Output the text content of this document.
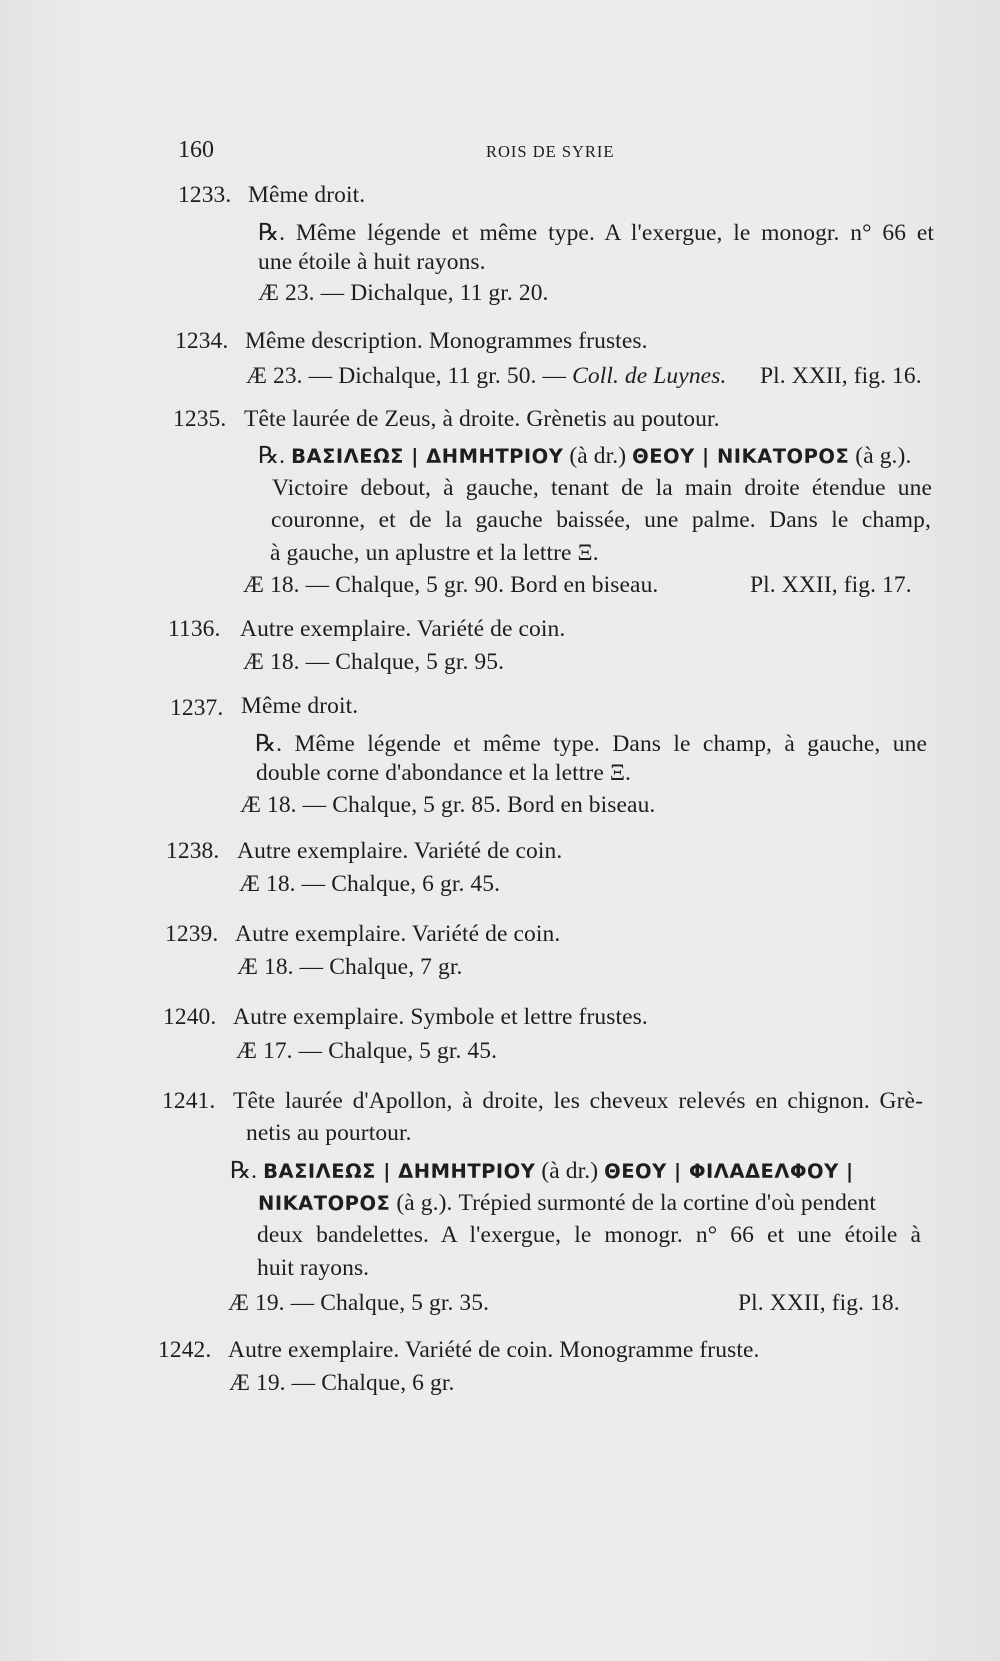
160	ROIS DE SYRIE
1233. Même droit.
℞. Même légende et même type. A l'exergue, le monogr. n° 66 et
une étoile à huit rayons.
Æ 23. — Dichalque, 11 gr. 20.
1234. Même description. Monogrammes frustes.
Æ 23. — Dichalque, 11 gr. 50. — Coll. de Luynes. Pl. XXII, fig. 16.
1235. Tête laurée de Zeus, à droite. Grènetis au poutour.
℞. ΒΑΣΙΛΕΩΣ | ΔΗΜΗΤΡΙΟΥ (à dr.) ΘΕΟΥ | ΝΙΚΑΤΟΡΟΣ (à g.).
Victoire debout, à gauche, tenant de la main droite étendue une
couronne, et de la gauche baissée, une palme. Dans le champ,
à gauche, un aplustre et la lettre Ξ.
Æ 18. — Chalque, 5 gr. 90. Bord en biseau.	Pl. XXII, fig. 17.
1136. Autre exemplaire. Variété de coin.
Æ 18. — Chalque, 5 gr. 95.
1237. Même droit.
℞. Même légende et même type. Dans le champ, à gauche, une
double corne d'abondance et la lettre Ξ.
Æ 18. — Chalque, 5 gr. 85. Bord en biseau.
1238. Autre exemplaire. Variété de coin.
Æ 18. — Chalque, 6 gr. 45.
1239. Autre exemplaire. Variété de coin.
Æ 18. — Chalque, 7 gr.
1240. Autre exemplaire. Symbole et lettre frustes.
Æ 17. — Chalque, 5 gr. 45.
1241. Tête laurée d'Apollon, à droite, les cheveux relevés en chignon. Grè-
netis au pourtour.
℞. ΒΑΣΙΛΕΩΣ | ΔΗΜΗΤΡΙΟΥ (à dr.) ΘΕΟΥ | ΦΙΛΑΔΕΛΦΟΥ |
ΝΙΚΑΤΟΡΟΣ (à g.). Trépied surmonté de la cortine d'où pendent
deux bandelettes. A l'exergue, le monogr. n° 66 et une étoile à
huit rayons.
Æ 19. — Chalque, 5 gr. 35.	Pl. XXII, fig. 18.
1242. Autre exemplaire. Variété de coin. Monogramme fruste.
Æ 19. — Chalque, 6 gr.
